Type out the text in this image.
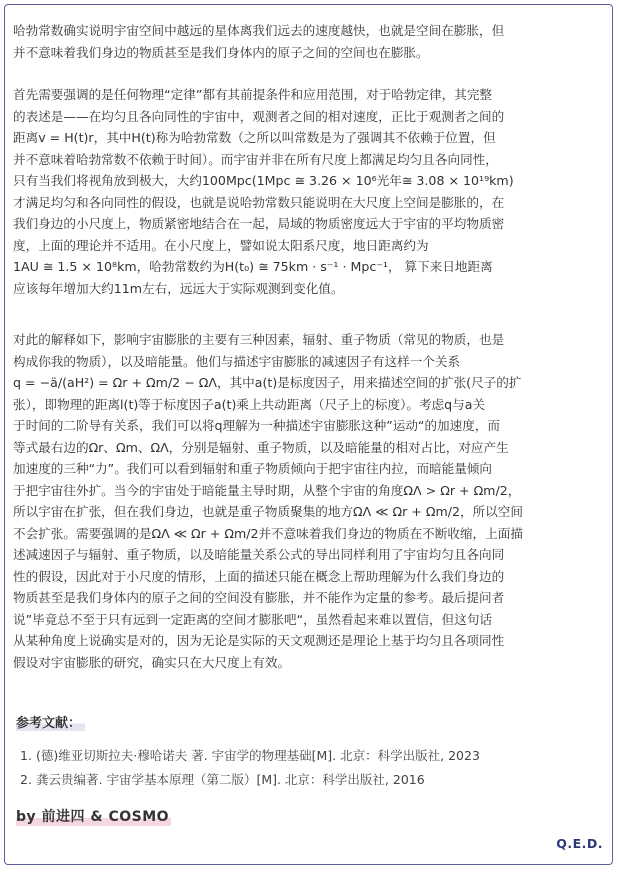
哈勃常数确实说明宇宙空间中越远的星体离我们远去的速度越快，也就是空间在膨胀，但
并不意味着我们身边的物质甚至是我们身体内的原子之间的空间也在膨胀。
首先需要强调的是任何物理“定律”都有其前提条件和应用范围，对于哈勃定律，其完整
的表述是——在均匀且各向同性的宇宙中，观测者之间的相对速度，正比于观测者之间的
距离v = H(t)r，其中H(t)称为哈勃常数（之所以叫常数是为了强调其不依赖于位置，但
并不意味着哈勃常数不依赖于时间）。而宇宙并非在所有尺度上都满足均匀且各向同性，
只有当我们将视角放到极大，大约100Mpc(1Mpc ≅ 3.26 × 10⁶光年≅ 3.08 × 10¹⁹km)
才满足均匀和各向同性的假设，也就是说哈勃常数只能说明在大尺度上空间是膨胀的，在
我们身边的小尺度上，物质紧密地结合在一起，局域的物质密度远大于宇宙的平均物质密
度，上面的理论并不适用。在小尺度上，譬如说太阳系尺度，地日距离约为
1AU ≅ 1.5 × 10⁸km，哈勃常数约为H(t₀) ≅ 75km · s⁻¹ · Mpc⁻¹， 算下来日地距离
应该每年增加大约11m左右，远远大于实际观测到变化值。
对此的解释如下，影响宇宙膨胀的主要有三种因素，辐射、重子物质（常见的物质，也是
构成你我的物质），以及暗能量。他们与描述宇宙膨胀的减速因子有这样一个关系
q = −ä/(aH²) = Ωr + Ωm/2 − ΩΛ，其中a(t)是标度因子，用来描述空间的扩张(尺子的扩
张），即物理的距离l(t)等于标度因子a(t)乘上共动距离（尺子上的标度）。考虑q与a关
于时间的二阶导有关系，我们可以将q理解为一种描述宇宙膨胀这种”运动“的加速度，而
等式最右边的Ωr、Ωm、ΩΛ，分别是辐射、重子物质，以及暗能量的相对占比，对应产生
加速度的三种“力”。我们可以看到辐射和重子物质倾向于把宇宙往内拉，而暗能量倾向
于把宇宙往外扩。当今的宇宙处于暗能量主导时期，从整个宇宙的角度ΩΛ > Ωr + Ωm/2，
所以宇宙在扩张，但在我们身边，也就是重子物质聚集的地方ΩΛ ≪ Ωr + Ωm/2，所以空间
不会扩张。需要强调的是ΩΛ ≪ Ωr + Ωm/2并不意味着我们身边的物质在不断收缩，上面描
述减速因子与辐射、重子物质，以及暗能量关系公式的导出同样利用了宇宙均匀且各向同
性的假设，因此对于小尺度的情形，上面的描述只能在概念上帮助理解为什么我们身边的
物质甚至是我们身体内的原子之间的空间没有膨胀，并不能作为定量的参考。最后提问者
说”毕竟总不至于只有远到一定距离的空间才膨胀吧“，虽然看起来难以置信，但这句话
从某种角度上说确实是对的，因为无论是实际的天文观测还是理论上基于均匀且各项同性
假设对宇宙膨胀的研究，确实只在大尺度上有效。

参考文献：

1. (德)维亚切斯拉夫·穆哈诺夫 著. 宇宙学的物理基础[M]. 北京：科学出版社, 2023
2. 龚云贵编著. 宇宙学基本原理（第二版）[M]. 北京：科学出版社, 2016

by 前进四 & COSMO

Q.E.D.
